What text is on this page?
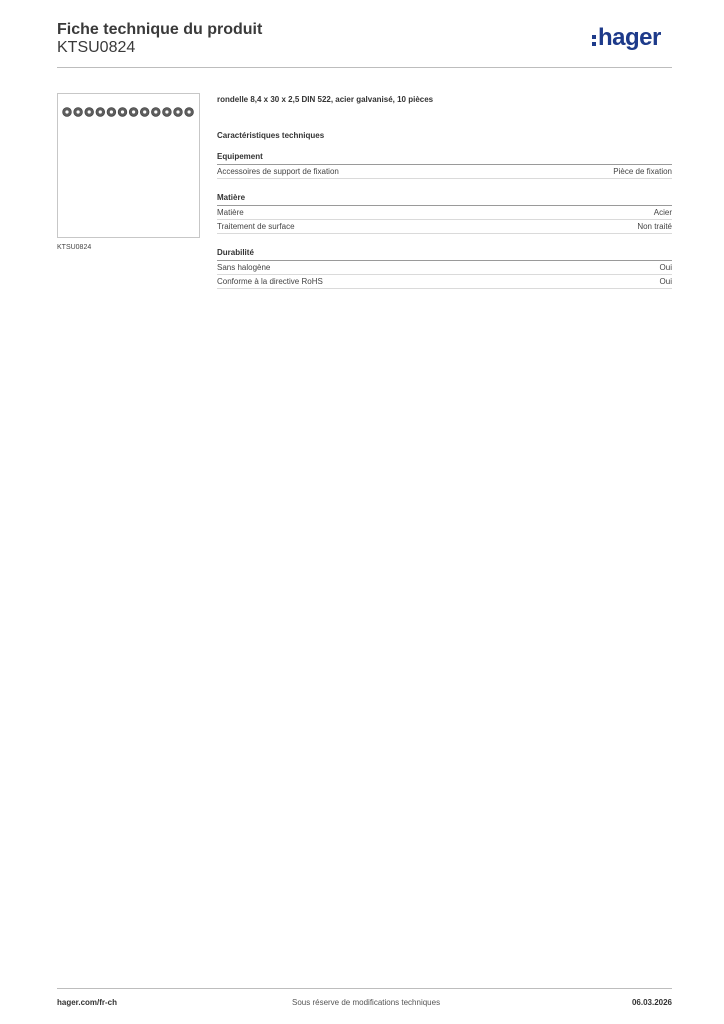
Fiche technique du produit
KTSU0824	hager
KTSU0824

rondelle 8,4 x 30 x 2,5 DIN 522, acier galvanisé, 10 pièces

Caractéristiques techniques
Equipement
Accessoires de support de fixation	Pièce de fixation
Matière
Matière	Acier
Traitement de surface	Non traité
Durabilité
Sans halogène	Oui
Conforme à la directive RoHS	Oui
hager.com/fr-ch	Sous réserve de modifications techniques	06.03.2026
